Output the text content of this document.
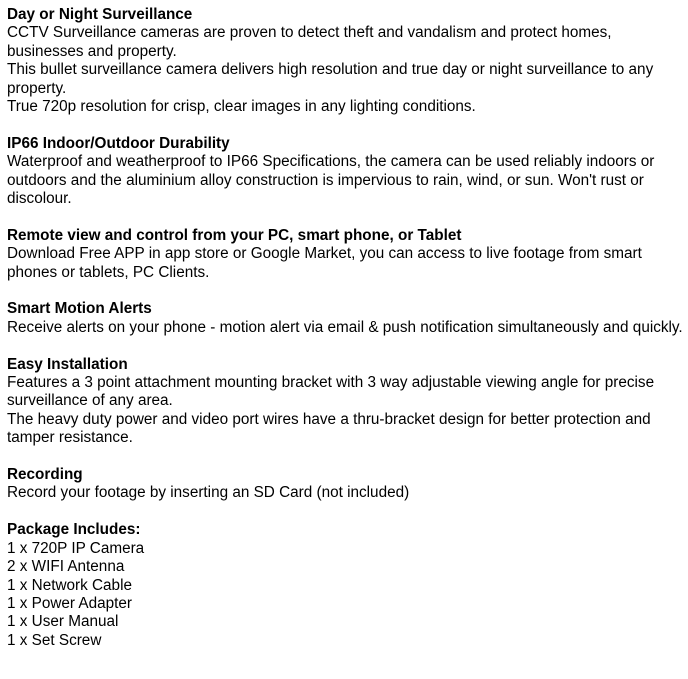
Day or Night Surveillance
CCTV Surveillance cameras are proven to detect theft and vandalism and protect homes, businesses and property.
This bullet surveillance camera delivers high resolution and true day or night surveillance to any property.
True 720p resolution for crisp, clear images in any lighting conditions.
IP66 Indoor/Outdoor Durability
Waterproof and weatherproof to IP66 Specifications, the camera can be used reliably indoors or outdoors and the aluminium alloy construction is impervious to rain, wind, or sun. Won't rust or discolour.
Remote view and control from your PC, smart phone, or Tablet
Download Free APP in app store or Google Market, you can access to live footage from smart phones or tablets, PC Clients.
Smart Motion Alerts
Receive alerts on your phone - motion alert via email & push notification simultaneously and quickly.
Easy Installation
Features a 3 point attachment mounting bracket with 3 way adjustable viewing angle for precise surveillance of any area.
The heavy duty power and video port wires have a thru-bracket design for better protection and tamper resistance.
Recording
Record your footage by inserting an SD Card (not included)
Package Includes:
1 x 720P IP Camera
2 x WIFI Antenna
1 x Network Cable
1 x Power Adapter
1 x User Manual
1 x Set Screw
